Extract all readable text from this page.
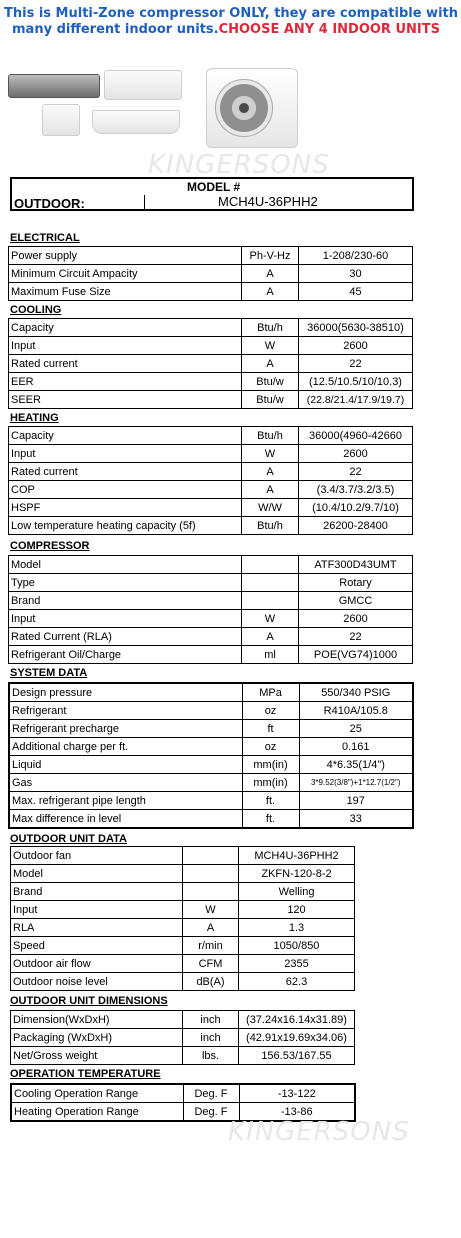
This is Multi-Zone compressor ONLY, they are compatible with
many different indoor units.CHOOSE ANY 4 INDOOR UNITS
KINGERSONS
MODEL #
OUTDOOR:	MCH4U-36PHH2
ELECTRICAL
Power supply	Ph-V-Hz	1-208/230-60
Minimum Circuit Ampacity	A	30
Maximum Fuse Size	A	45
COOLING
Capacity	Btu/h	36000(5630-38510)
Input	W	2600
Rated current	A	22
EER	Btu/w	(12.5/10.5/10/10.3)
SEER	Btu/w	(22.8/21.4/17.9/19.7)
HEATING
Capacity	Btu/h	36000(4960-42660
Input	W	2600
Rated current	A	22
COP	A	(3.4/3.7/3.2/3.5)
HSPF	W/W	(10.4/10.2/9.7/10)
Low temperature heating capacity (5f)	Btu/h	26200-28400
COMPRESSOR
Model		ATF300D43UMT
Type		Rotary
Brand		GMCC
Input	W	2600
Rated Current (RLA)	A	22
Refrigerant Oil/Charge	ml	POE(VG74)1000
SYSTEM DATA
Design pressure	MPa	550/340 PSIG
Refrigerant	oz	R410A/105.8
Refrigerant precharge	ft	25
Additional charge per ft.	oz	0.161
Liquid	mm(in)	4*6.35(1/4")
Gas	mm(in)	3*9.52(3/8")+1*12.7(1/2")
Max. refrigerant pipe length	ft.	197
Max difference in level	ft.	33
OUTDOOR UNIT DATA
Outdoor fan		MCH4U-36PHH2
Model		ZKFN-120-8-2
Brand		Welling
Input	W	120
RLA	A	1.3
Speed	r/min	1050/850
Outdoor air flow	CFM	2355
Outdoor noise level	dB(A)	62.3
OUTDOOR UNIT DIMENSIONS
Dimension(WxDxH)	inch	(37.24x16.14x31.89)
Packaging (WxDxH)	inch	(42.91x19.69x34.06)
Net/Gross weight	lbs.	156.53/167.55
OPERATION TEMPERATURE
Cooling Operation Range	Deg. F	-13-122
Heating Operation Range	Deg. F	-13-86
KINGERSONS
